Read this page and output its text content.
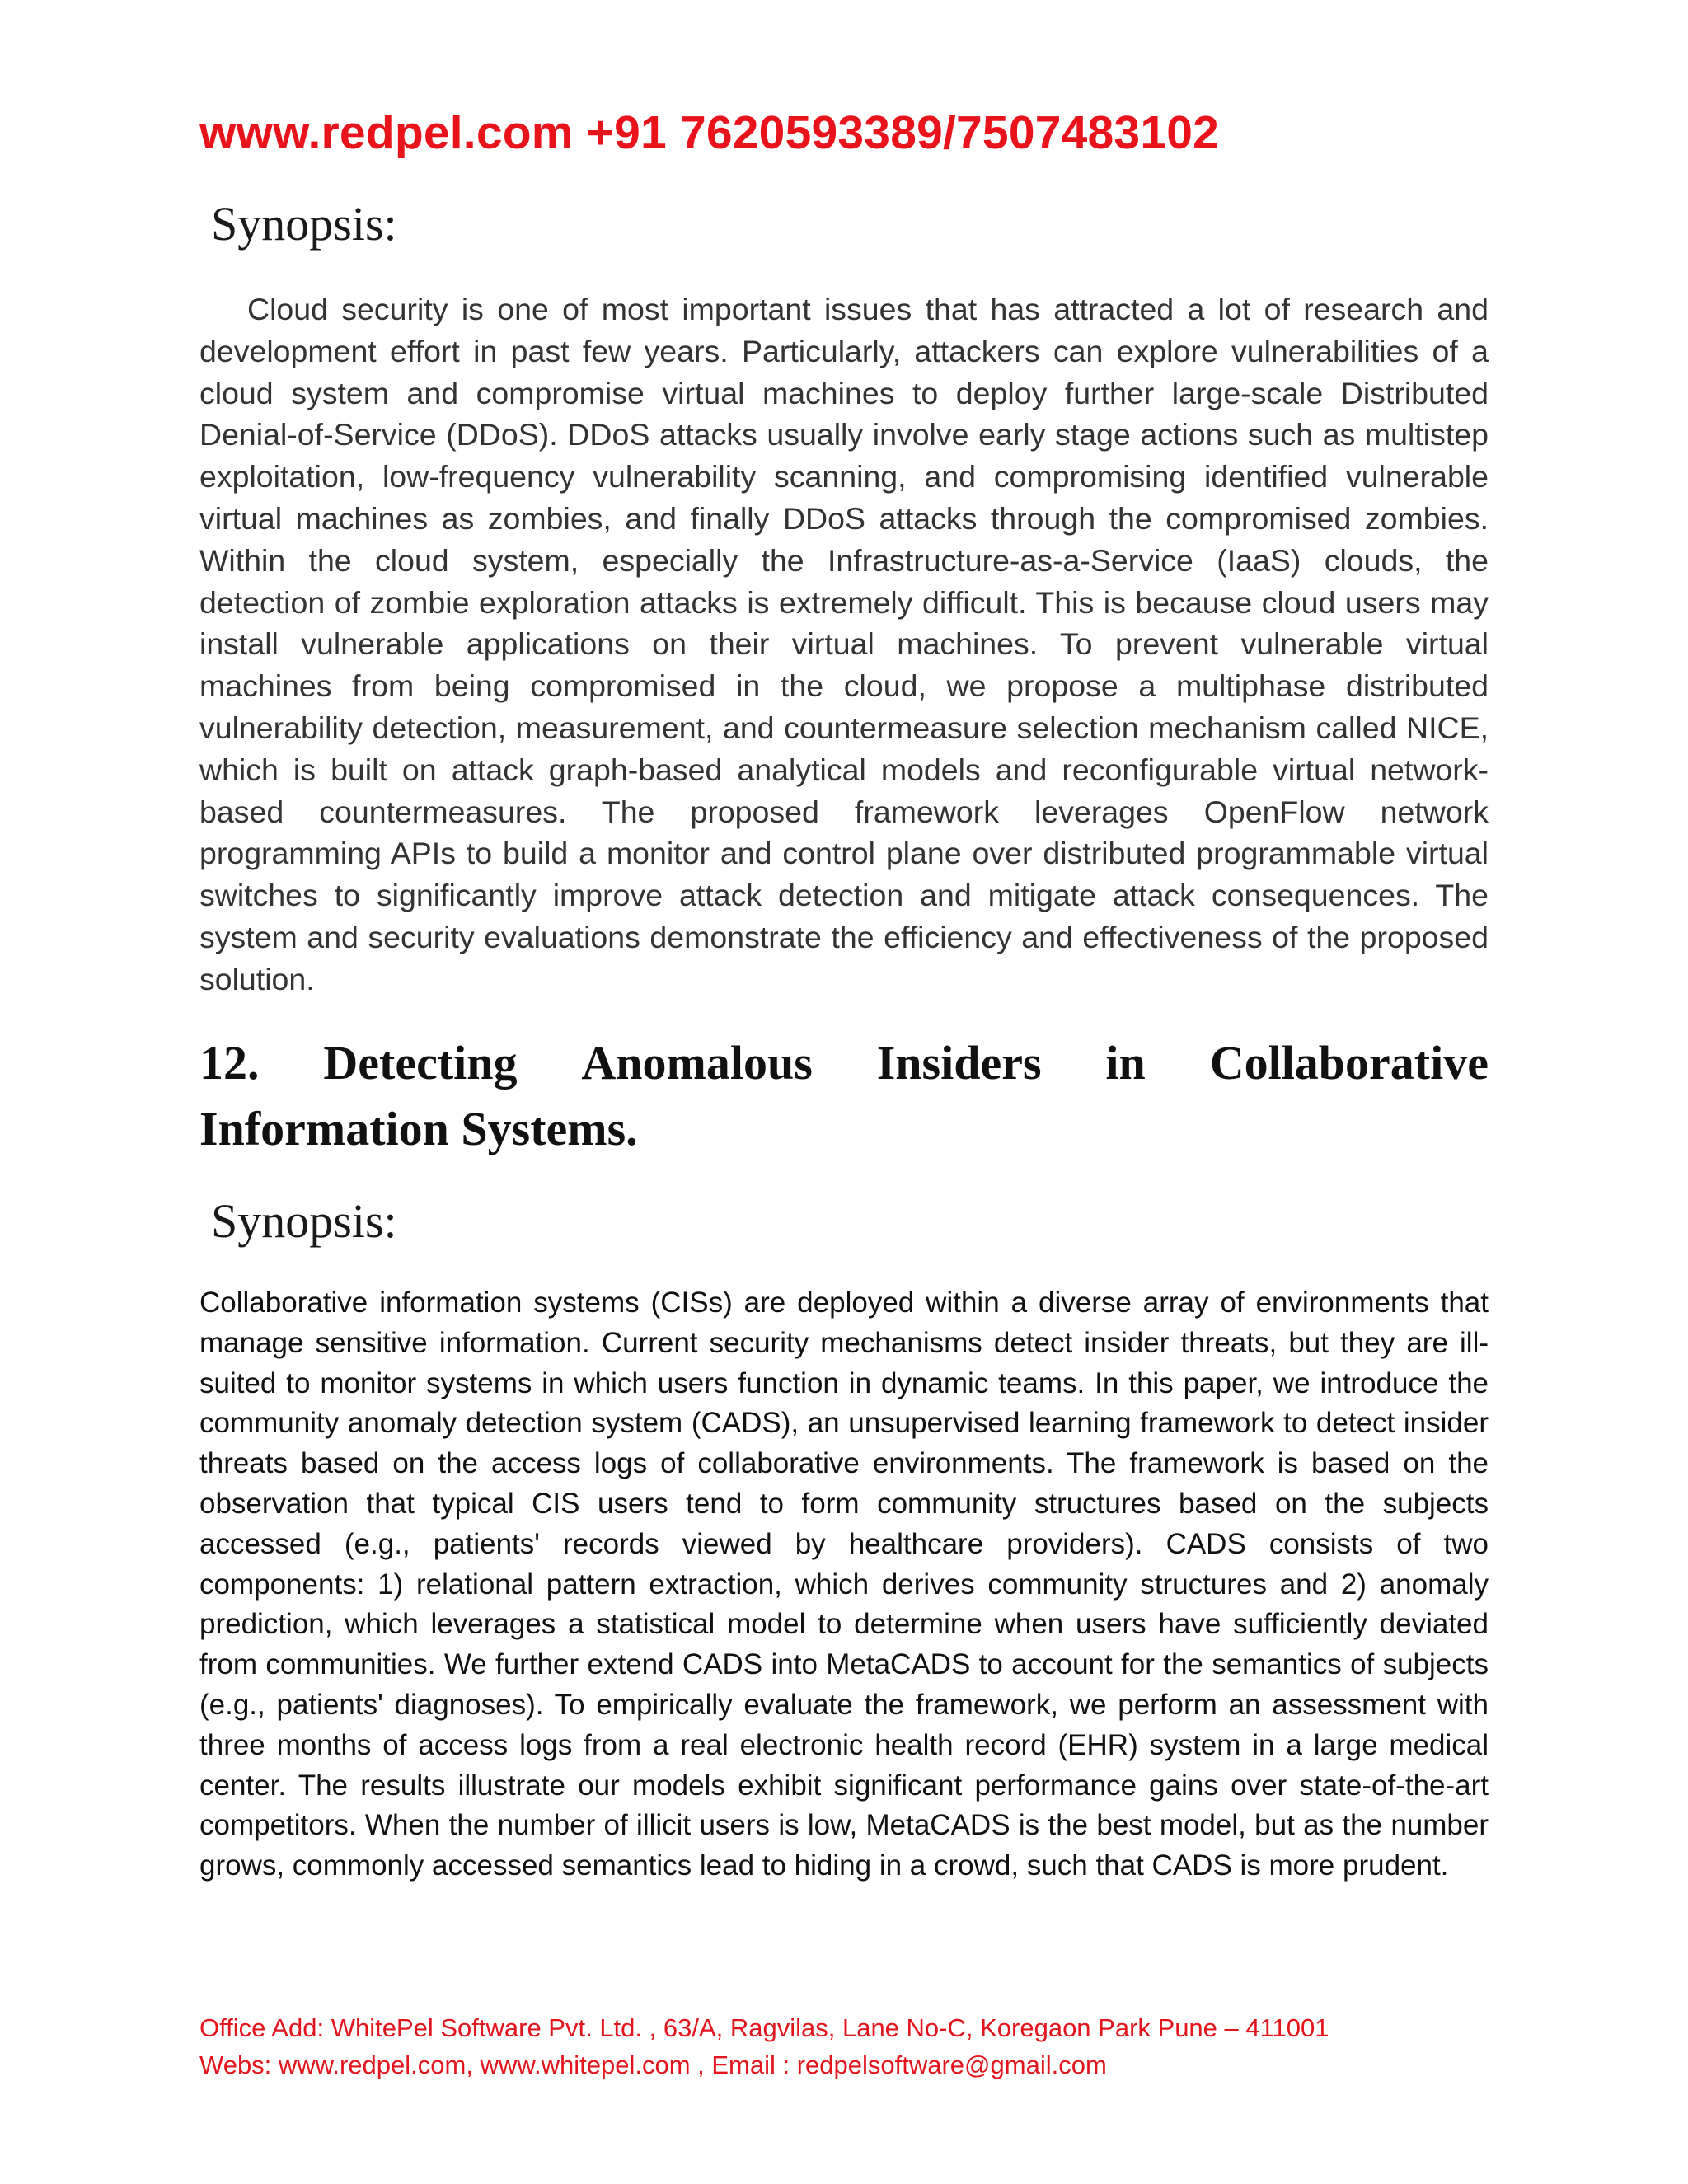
www.redpel.com +91 7620593389/7507483102
Synopsis:

Cloud security is one of most important issues that has attracted a lot of research and development effort in past few years. Particularly, attackers can explore vulnerabilities of a cloud system and compromise virtual machines to deploy further large-scale Distributed Denial-of-Service (DDoS). DDoS attacks usually involve early stage actions such as multistep exploitation, low-frequency vulnerability scanning, and compromising identified vulnerable virtual machines as zombies, and finally DDoS attacks through the compromised zombies. Within the cloud system, especially the Infrastructure-as-a-Service (IaaS) clouds, the detection of zombie exploration attacks is extremely difficult. This is because cloud users may install vulnerable applications on their virtual machines. To prevent vulnerable virtual machines from being compromised in the cloud, we propose a multiphase distributed vulnerability detection, measurement, and countermeasure selection mechanism called NICE, which is built on attack graph-based analytical models and reconfigurable virtual network-based countermeasures. The proposed framework leverages OpenFlow network programming APIs to build a monitor and control plane over distributed programmable virtual switches to significantly improve attack detection and mitigate attack consequences. The system and security evaluations demonstrate the efficiency and effectiveness of the proposed solution.

12. Detecting Anomalous Insiders in Collaborative
Information Systems.
Synopsis:

Collaborative information systems (CISs) are deployed within a diverse array of environments that manage sensitive information. Current security mechanisms detect insider threats, but they are ill-suited to monitor systems in which users function in dynamic teams. In this paper, we introduce the community anomaly detection system (CADS), an unsupervised learning framework to detect insider threats based on the access logs of collaborative environments. The framework is based on the observation that typical CIS users tend to form community structures based on the subjects accessed (e.g., patients' records viewed by healthcare providers). CADS consists of two components: 1) relational pattern extraction, which derives community structures and 2) anomaly prediction, which leverages a statistical model to determine when users have sufficiently deviated from communities. We further extend CADS into MetaCADS to account for the semantics of subjects (e.g., patients' diagnoses). To empirically evaluate the framework, we perform an assessment with three months of access logs from a real electronic health record (EHR) system in a large medical center. The results illustrate our models exhibit significant performance gains over state-of-the-art competitors. When the number of illicit users is low, MetaCADS is the best model, but as the number grows, commonly accessed semantics lead to hiding in a crowd, such that CADS is more prudent.

Office Add: WhitePel Software Pvt. Ltd. , 63/A, Ragvilas, Lane No-C, Koregaon Park Pune – 411001
Webs: www.redpel.com, www.whitepel.com , Email : redpelsoftware@gmail.com
